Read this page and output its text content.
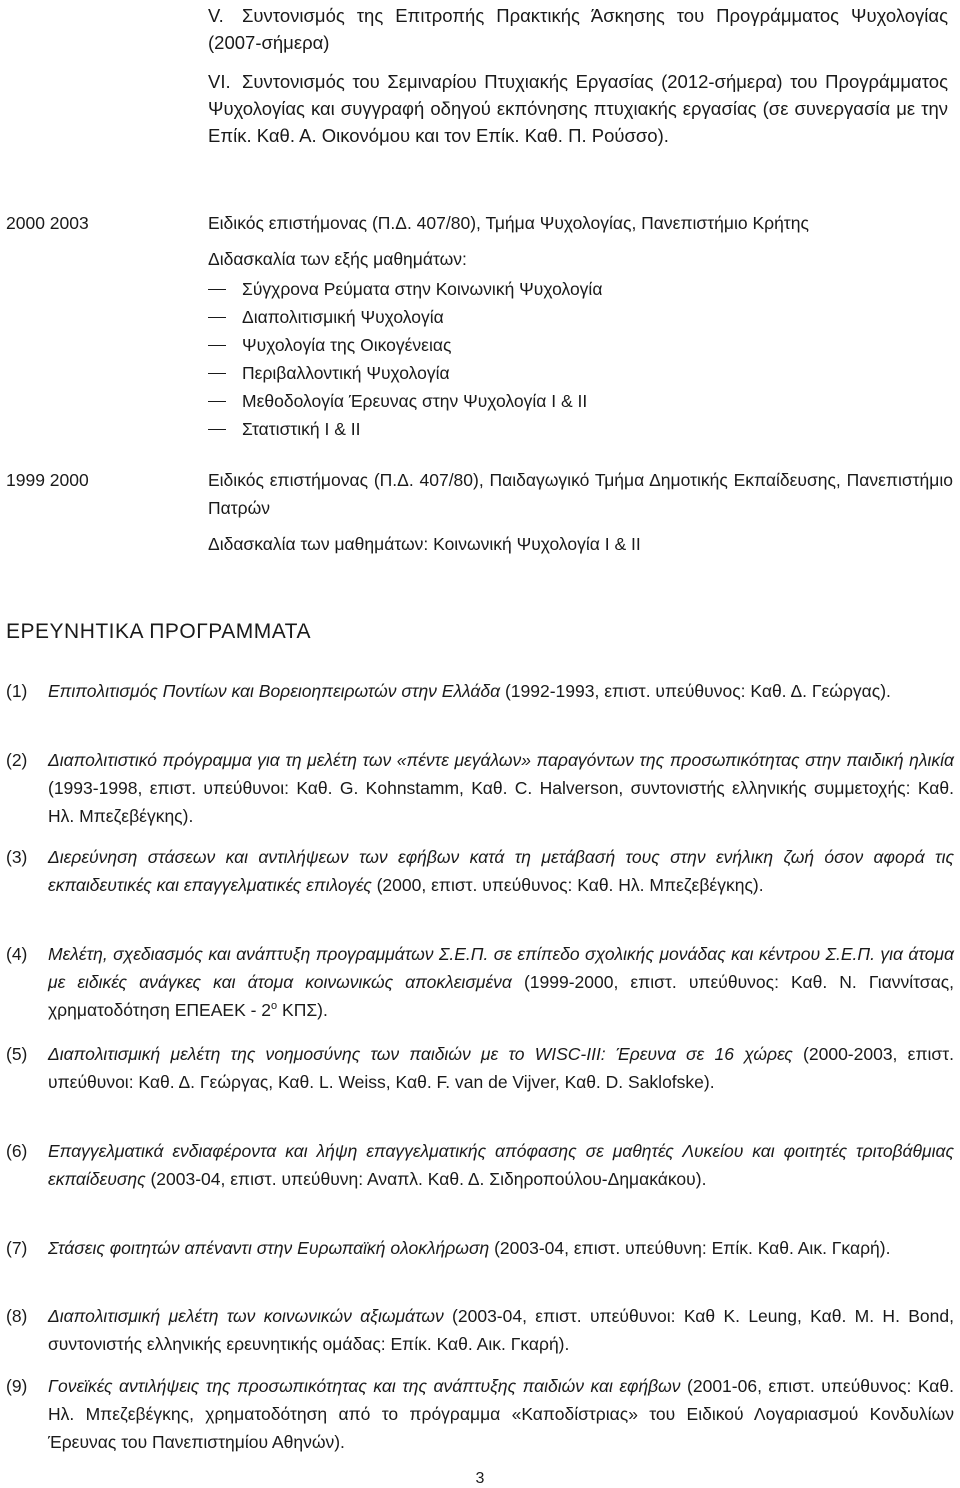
V. Συντονισμός της Επιτροπής Πρακτικής Άσκησης του Προγράμματος Ψυχολογίας (2007-σήμερα)
VI. Συντονισμός του Σεμιναρίου Πτυχιακής Εργασίας (2012-σήμερα) του Προγράμματος Ψυχολογίας και συγγραφή οδηγού εκπόνησης πτυχιακής εργασίας (σε συνεργασία με την Επίκ. Καθ. Α. Οικονόμου και τον Επίκ. Καθ. Π. Ρούσσο).
2000 2003	Ειδικός επιστήμονας (Π.Δ. 407/80), Τμήμα Ψυχολογίας, Πανεπιστήμιο Κρήτης

Διδασκαλία των εξής μαθημάτων:

Σύγχρονα Ρεύματα στην Κοινωνική Ψυχολογία
Διαπολιτισμική Ψυχολογία
Ψυχολογία της Οικογένειας
Περιβαλλοντική Ψυχολογία
Μεθοδολογία Έρευνας στην Ψυχολογία Ι & ΙΙ
Στατιστική Ι & ΙΙ
1999 2000	Ειδικός επιστήμονας (Π.Δ. 407/80), Παιδαγωγικό Τμήμα Δημοτικής Εκπαίδευσης, Πανεπιστήμιο Πατρών

Διδασκαλία των μαθημάτων: Κοινωνική Ψυχολογία Ι & ΙΙ

ΕΡΕΥΝΗΤΙΚΑ ΠΡΟΓΡΑΜΜΑΤΑ
(1)	Επιπολιτισμός Ποντίων και Βορειοηπειρωτών στην Ελλάδα (1992-1993, επιστ. υπεύθυνος: Καθ. Δ. Γεώργας).
(2)	Διαπολιτιστικό πρόγραμμα για τη μελέτη των «πέντε μεγάλων» παραγόντων της προσωπικότητας στην παιδική ηλικία (1993-1998, επιστ. υπεύθυνοι: Καθ. G. Kohnstamm, Καθ. C. Halverson, συντονιστής ελληνικής συμμετοχής: Καθ. Ηλ. Μπεζεβέγκης).
(3)	Διερεύνηση στάσεων και αντιλήψεων των εφήβων κατά τη μετάβασή τους στην ενήλικη ζωή όσον αφορά τις εκπαιδευτικές και επαγγελματικές επιλογές (2000, επιστ. υπεύθυνος: Καθ. Ηλ. Μπεζεβέγκης).
(4)	Μελέτη, σχεδιασμός και ανάπτυξη προγραμμάτων Σ.Ε.Π. σε επίπεδο σχολικής μονάδας και κέντρου Σ.Ε.Π. για άτομα με ειδικές ανάγκες και άτομα κοινωνικώς αποκλεισμένα (1999-2000, επιστ. υπεύθυνος: Καθ. Ν. Γιαννίτσας, χρηματοδότηση ΕΠΕΑΕΚ - $2^o$ ΚΠΣ).
(5)	Διαπολιτισμική μελέτη της νοημοσύνης των παιδιών με το WISC-III: Έρευνα σε 16 χώρες (2000-2003, επιστ. υπεύθυνοι: Καθ. Δ. Γεώργας, Καθ. L. Weiss, Καθ. F. van de Vijver, Καθ. D. Saklofske).
(6)	Επαγγελματικά ενδιαφέροντα και λήψη επαγγελματικής απόφασης σε μαθητές Λυκείου και φοιτητές τριτοβάθμιας εκπαίδευσης (2003-04, επιστ. υπεύθυνη: Αναπλ. Καθ. Δ. Σιδηροπούλου-Δημακάκου).
(7)	Στάσεις φοιτητών απέναντι στην Ευρωπαϊκή ολοκλήρωση (2003-04, επιστ. υπεύθυνη: Επίκ. Καθ. Αικ. Γκαρή).
(8)	Διαπολιτισμική μελέτη των κοινωνικών αξιωμάτων (2003-04, επιστ. υπεύθυνοι: Καθ K. Leung, Καθ. M. H. Bond, συντονιστής ελληνικής ερευνητικής ομάδας: Επίκ. Καθ. Αικ. Γκαρή).
(9)	Γονεϊκές αντιλήψεις της προσωπικότητας και της ανάπτυξης παιδιών και εφήβων (2001-06, επιστ. υπεύθυνος: Καθ. Ηλ. Μπεζεβέγκης, χρηματοδότηση από το πρόγραμμα «Καποδίστριας» του Ειδικού Λογαριασμού Κονδυλίων Έρευνας του Πανεπιστημίου Αθηνών).
3
